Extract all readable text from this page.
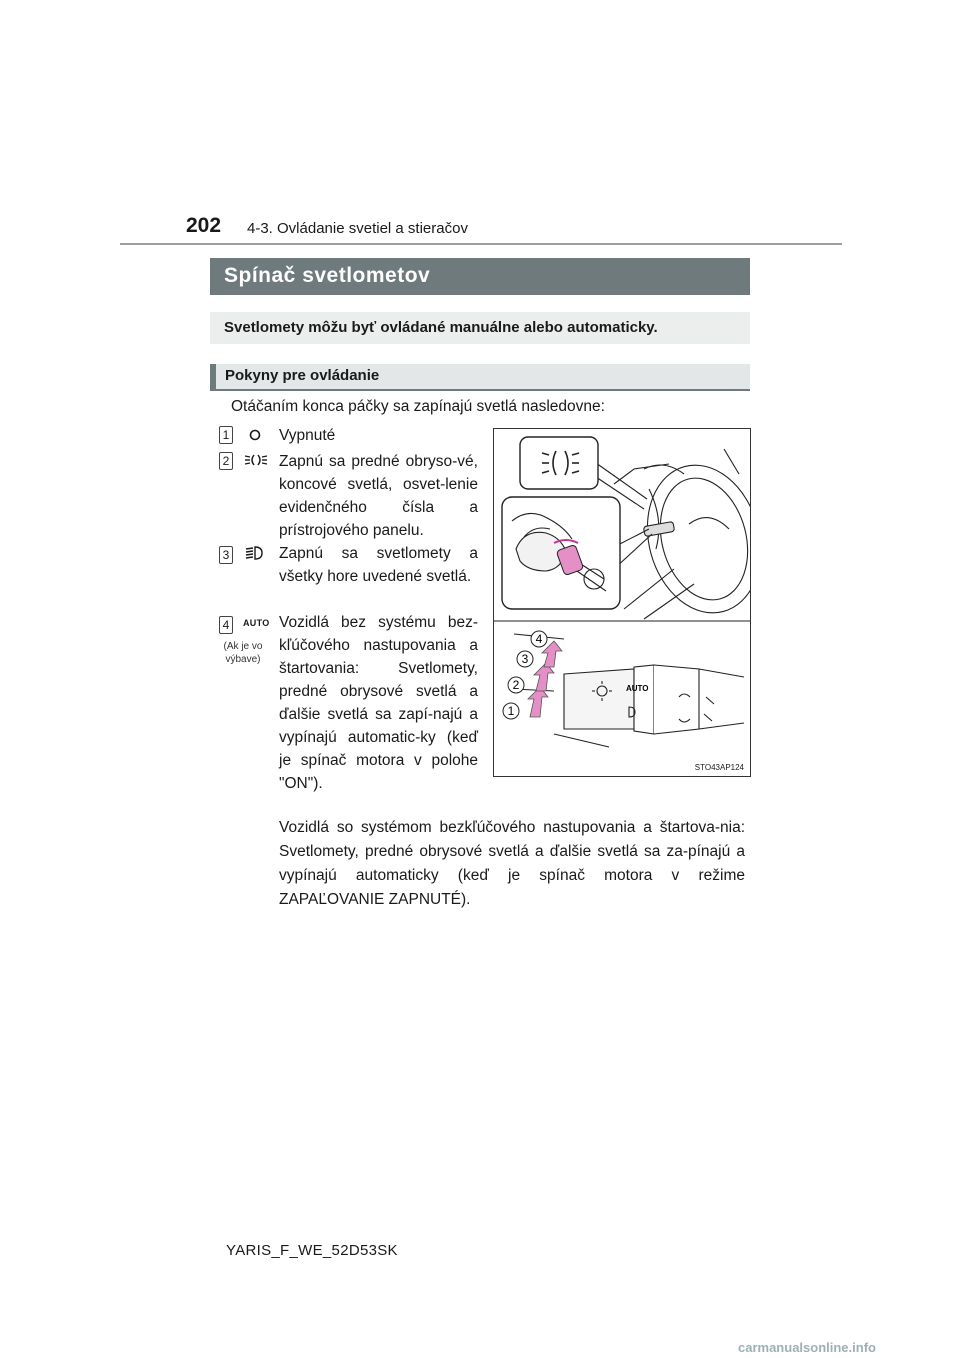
202 4-3. Ovládanie svetiel a stieračov
Spínač svetlometov
Svetlomety môžu byť ovládané manuálne alebo automaticky.
Pokyny pre ovládanie
Otáčaním konca páčky sa zapínajú svetlá nasledovne:
1	Vypnuté
2	Zapnú sa predné obryso-vé, koncové svetlá, osvet-lenie evidenčného čísla a prístrojového panelu.
3	Zapnú sa svetlomety a všetky hore uvedené svetlá.
4	AUTO
(Ak je vo výbave)
Vozidlá bez systému bez-kľúčového nastupovania a štartovania: Svetlomety, predné obrysové svetlá a ďalšie svetlá sa zapí-najú a vypínajú automatic-ky (keď je spínač motora v polohe "ON").
AUTO
1
2
3
4
STO43AP124
Vozidlá so systémom bezkľúčového nastupovania a štartova-nia: Svetlomety, predné obrysové svetlá a ďalšie svetlá sa za-pínajú a vypínajú automaticky (keď je spínač motora v režime ZAPAĽOVANIE ZAPNUTÉ).
YARIS_F_WE_52D53SK
carmanualsonline.info
